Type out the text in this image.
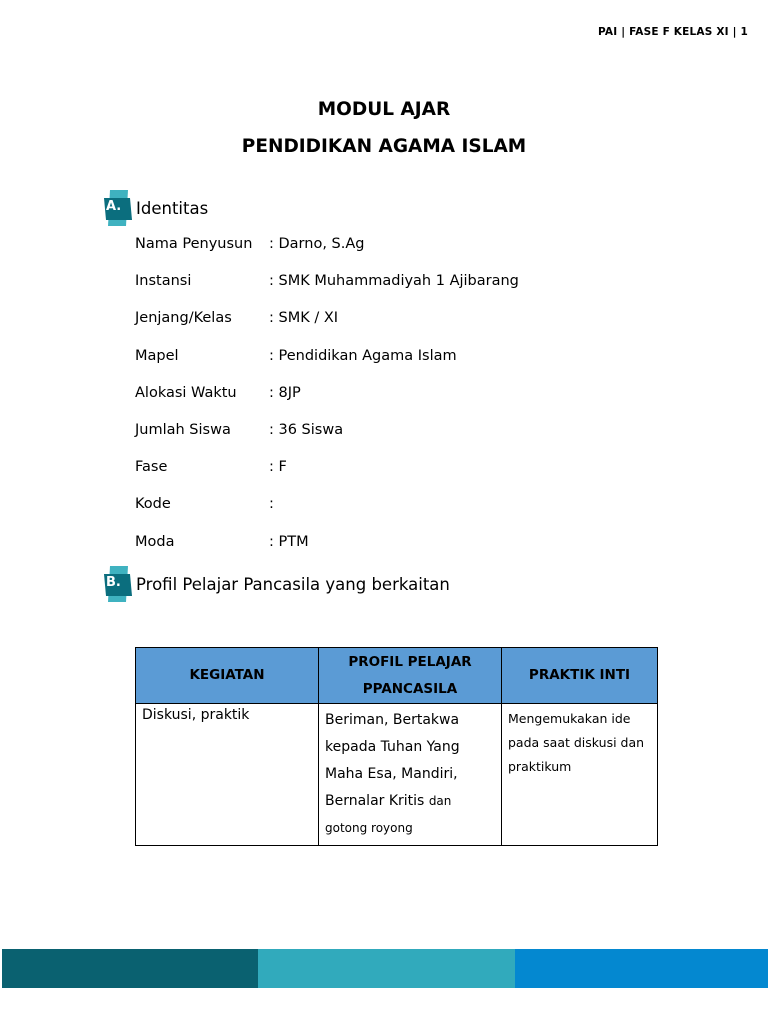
PAI | FASE F KELAS XI | 1
MODUL AJAR
PENDIDIKAN AGAMA ISLAM
A. Identitas
Nama Penyusun	: Darno, S.Ag
Instansi	: SMK Muhammadiyah 1 Ajibarang
Jenjang/Kelas	: SMK / XI
Mapel	: Pendidikan Agama Islam
Alokasi Waktu	: 8JP
Jumlah Siswa	: 36 Siswa
Fase	: F
Kode	:
Moda	: PTM
B. Profil Pelajar Pancasila yang berkaitan
KEGIATAN	PROFIL PELAJAR PPANCASILA	PRAKTIK INTI
Diskusi, praktik	Beriman, Bertakwa kepada Tuhan Yang Maha Esa, Mandiri, Bernalar Kritis dan gotong royong	Mengemukakan ide pada saat diskusi dan praktikum
